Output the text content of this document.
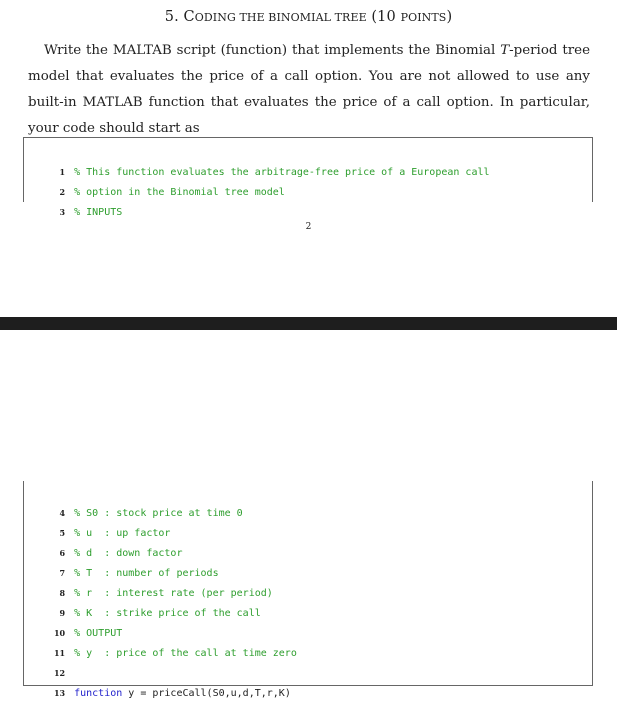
5. CODING THE BINOMIAL TREE (10 POINTS)
Write the MALTAB script (function) that implements the Binomial T-period tree model that evaluates the price of a call option. You are not allowed to use any built-in MATLAB function that evaluates the price of a call option. In particular, your code should start as

1 % This function evaluates the arbitrage-free price of a European call

2 % option in the Binomial tree model

3 % INPUTS

2

4 % S0 : stock price at time 0

5 % u  : up factor

6 % d  : down factor

7 % T  : number of periods

8 % r  : interest rate (per period)

9 % K  : strike price of the call

10 % OUTPUT

11 % y  : price of the call at time zero

12

13 function y = priceCall(S0,u,d,T,r,K)
